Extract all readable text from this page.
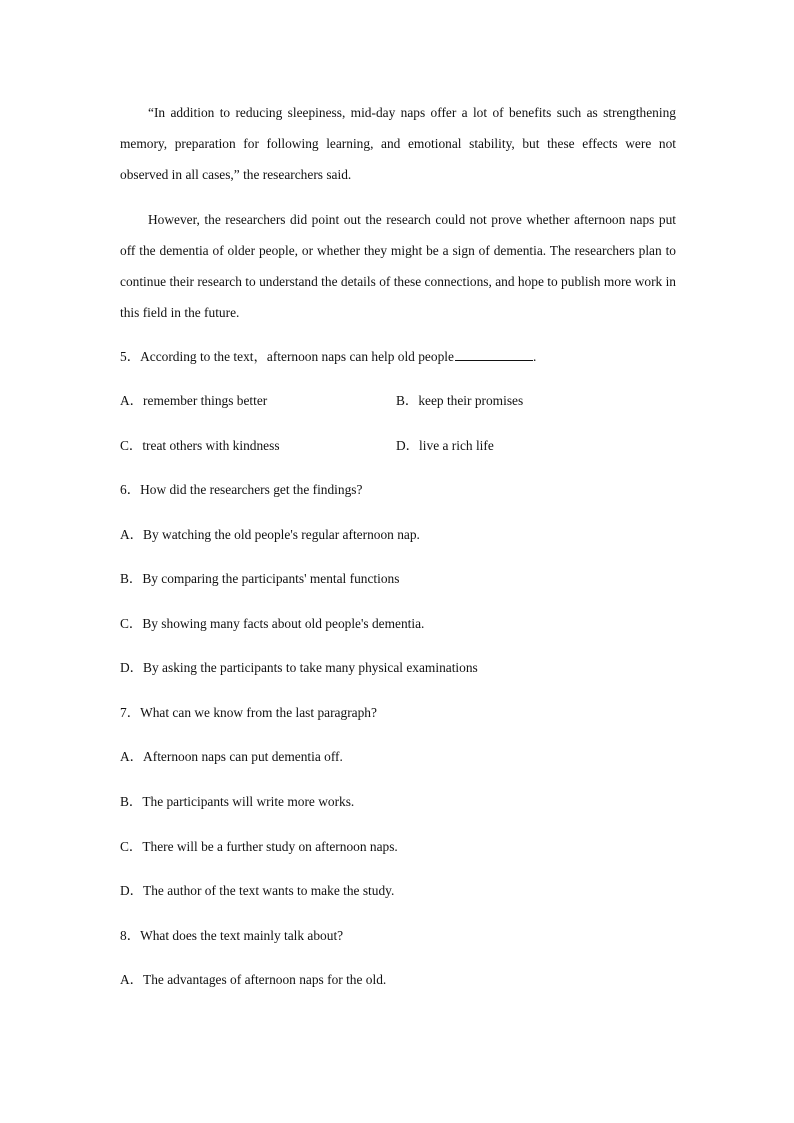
“In addition to reducing sleepiness, mid-day naps offer a lot of benefits such as strengthening memory, preparation for following learning, and emotional stability, but these effects were not observed in all cases,” the researchers said.
However, the researchers did point out the research could not prove whether afternoon naps put off the dementia of older people, or whether they might be a sign of dementia. The researchers plan to continue their research to understand the details of these connections, and hope to publish more work in this field in the future.
5．According to the text，afternoon naps can help old people	.
A．remember things better	B．keep their promises
C．treat others with kindness	D．live a rich life
6．How did the researchers get the findings?
A．By watching the old people's regular afternoon nap.
B．By comparing the participants' mental functions
C．By showing many facts about old people's dementia.
D．By asking the participants to take many physical examinations
7．What can we know from the last paragraph?
A．Afternoon naps can put dementia off.
B．The participants will write more works.
C．There will be a further study on afternoon naps.
D．The author of the text wants to make the study.
8．What does the text mainly talk about?
A．The advantages of afternoon naps for the old.
